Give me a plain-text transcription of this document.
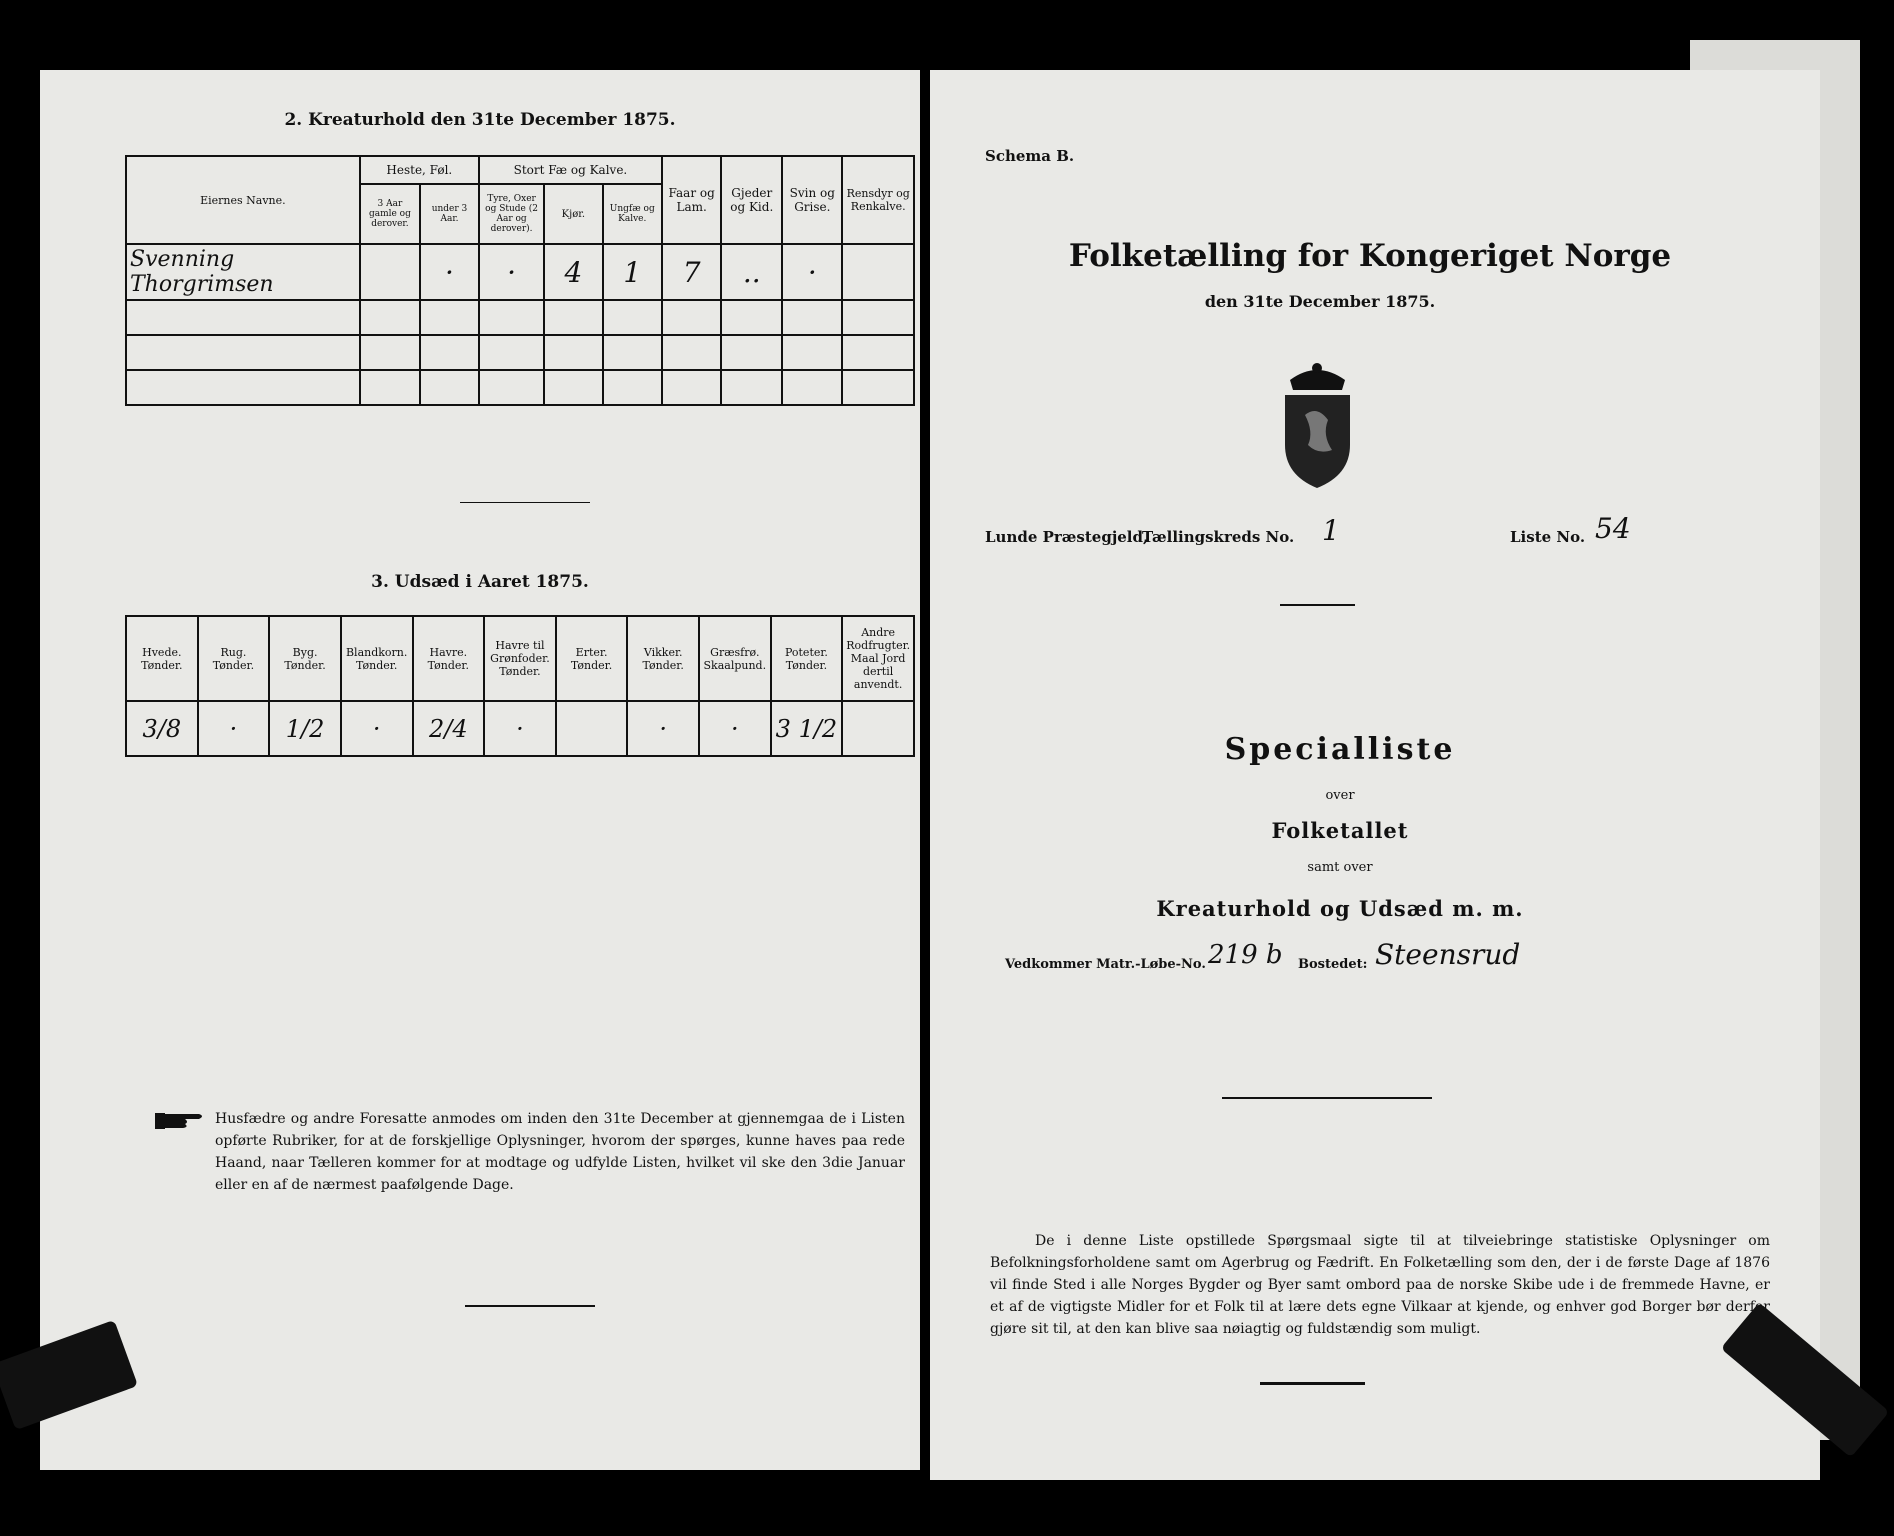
2. Kreaturhold den 31te December 1875.
Eiernes Navne.	Heste, Føl.		Stort Fæ og Kalve.			Faar og Lam.	Gjeder og Kid.	Svin og Grise.	Rensdyr og Renkalve.
	3 Aar gamle og derover.	under 3 Aar.	Tyre, Oxer og Stude (2 Aar og derover).	Kjør.	Ungfæ og Kalve.				
Svenning Thorgrimsen		·	·	4	1	7	..	·	

3. Udsæd i Aaret 1875.
Hvede. Tønder.	Rug. Tønder.	Byg. Tønder.	Blandkorn. Tønder.	Havre. Tønder.	Havre til Grønfoder. Tønder.	Erter. Tønder.	Vikker. Tønder.	Græsfrø. Skaalpund.	Poteter. Tønder.	Andre Rodfrugter. Maal Jord dertil anvendt.
3/8	·	1/2	·	2/4	·		·	·	3 1/2	
Husfædre og andre Foresatte anmodes om inden den 31te December at gjennemgaa de i Listen opførte Rubriker, for at de forskjellige Oplysninger, hvorom der spørges, kunne haves paa rede Haand, naar Tælleren kommer for at modtage og udfylde Listen, hvilket vil ske den 3die Januar eller en af de nærmest paafølgende Dage.
Schema B.
Folketælling for Kongeriget Norge
den 31te December 1875.
Lunde Præstegjeld,
Tællingskreds No. 1	Liste No. 54
Specialliste
over
Folketallet
samt over
Kreaturhold og Udsæd m. m.
Vedkommer Matr.-Løbe-No. 219 b Bostedet: Steensrud
De i denne Liste opstillede Spørgsmaal sigte til at tilveiebringe statistiske Oplysninger om Befolkningsforholdene samt om Agerbrug og Fædrift. En Folketælling som den, der i de første Dage af 1876 vil finde Sted i alle Norges Bygder og Byer samt ombord paa de norske Skibe ude i de fremmede Havne, er et af de vigtigste Midler for et Folk til at lære dets egne Vilkaar at kjende, og enhver god Borger bør derfor gjøre sit til, at den kan blive saa nøiagtig og fuldstændig som muligt.
